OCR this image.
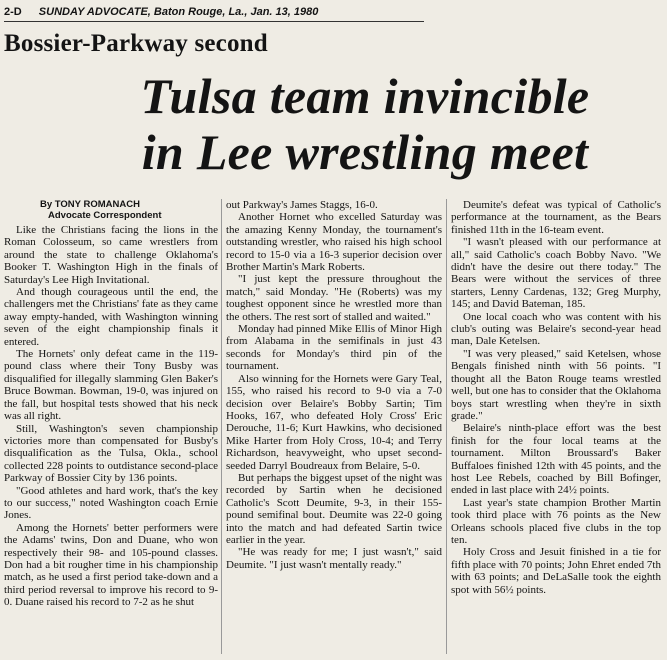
2-D SUNDAY ADVOCATE, Baton Rouge, La., Jan. 13, 1980
Bossier-Parkway second
Tulsa team invincible
in Lee wrestling meet
By TONY ROMANACH
Advocate Correspondent

Like the Christians facing the lions in the Roman Colosseum, so came wrestlers from around the state to challenge Oklahoma's Booker T. Washington High in the finals of Saturday's Lee High Invitational.

And though courageous until the end, the challengers met the Christians' fate as they came away empty-handed, with Washington winning seven of the eight championship finals it entered.

The Hornets' only defeat came in the 119-pound class where their Tony Busby was disqualified for illegally slamming Glen Baker's Bruce Bowman. Bowman, 19-0, was injured on the fall, but hospital tests showed that his neck was all right.

Still, Washington's seven championship victories more than compensated for Busby's disqualification as the Tulsa, Okla., school collected 228 points to outdistance second-place Parkway of Bossier City by 136 points.

"Good athletes and hard work, that's the key to our success," noted Washington coach Ernie Jones.

Among the Hornets' better performers were the Adams' twins, Don and Duane, who won respectively their 98- and 105-pound classes. Don had a bit rougher time in his championship match, as he used a first period take-down and a third period reversal to improve his record to 9-0. Duane raised his record to 7-2 as he shut

out Parkway's James Staggs, 16-0.

Another Hornet who excelled Saturday was the amazing Kenny Monday, the tournament's outstanding wrestler, who raised his high school record to 15-0 via a 16-3 superior decision over Brother Martin's Mark Roberts.

"I just kept the pressure throughout the match," said Monday. "He (Roberts) was my toughest opponent since he wrestled more than the others. The rest sort of stalled and waited."

Monday had pinned Mike Ellis of Minor High from Alabama in the semifinals in just 43 seconds for Monday's third pin of the tournament.

Also winning for the Hornets were Gary Teal, 155, who raised his record to 9-0 via a 7-0 decision over Belaire's Bobby Sartin; Tim Hooks, 167, who defeated Holy Cross' Eric Derouche, 11-6; Kurt Hawkins, who decisioned Mike Harter from Holy Cross, 10-4; and Terry Richardson, heavyweight, who upset second-seeded Darryl Boudreaux from Belaire, 5-0.

But perhaps the biggest upset of the night was recorded by Sartin when he decisioned Catholic's Scott Deumite, 9-3, in their 155-pound semifinal bout. Deumite was 22-0 going into the match and had defeated Sartin twice earlier in the year.

"He was ready for me; I just wasn't," said Deumite. "I just wasn't mentally ready."

Deumite's defeat was typical of Catholic's performance at the tournament, as the Bears finished 11th in the 16-team event.

"I wasn't pleased with our performance at all," said Catholic's coach Bobby Navo. "We didn't have the desire out there today." The Bears were without the services of three starters, Lenny Cardenas, 132; Greg Murphy, 145; and David Bateman, 185.

One local coach who was content with his club's outing was Belaire's second-year head man, Dale Ketelsen.

"I was very pleased," said Ketelsen, whose Bengals finished ninth with 56 points. "I thought all the Baton Rouge teams wrestled well, but one has to consider that the Oklahoma boys start wrestling when they're in sixth grade."

Belaire's ninth-place effort was the best finish for the four local teams at the tournament. Milton Broussard's Baker Buffaloes finished 12th with 45 points, and the host Lee Rebels, coached by Bill Bofinger, ended in last place with 24½ points.

Last year's state champion Brother Martin took third place with 76 points as the New Orleans schools placed five clubs in the top ten.

Holy Cross and Jesuit finished in a tie for fifth place with 70 points; John Ehret ended 7th with 63 points; and DeLaSalle took the eighth spot with 56½ points.
